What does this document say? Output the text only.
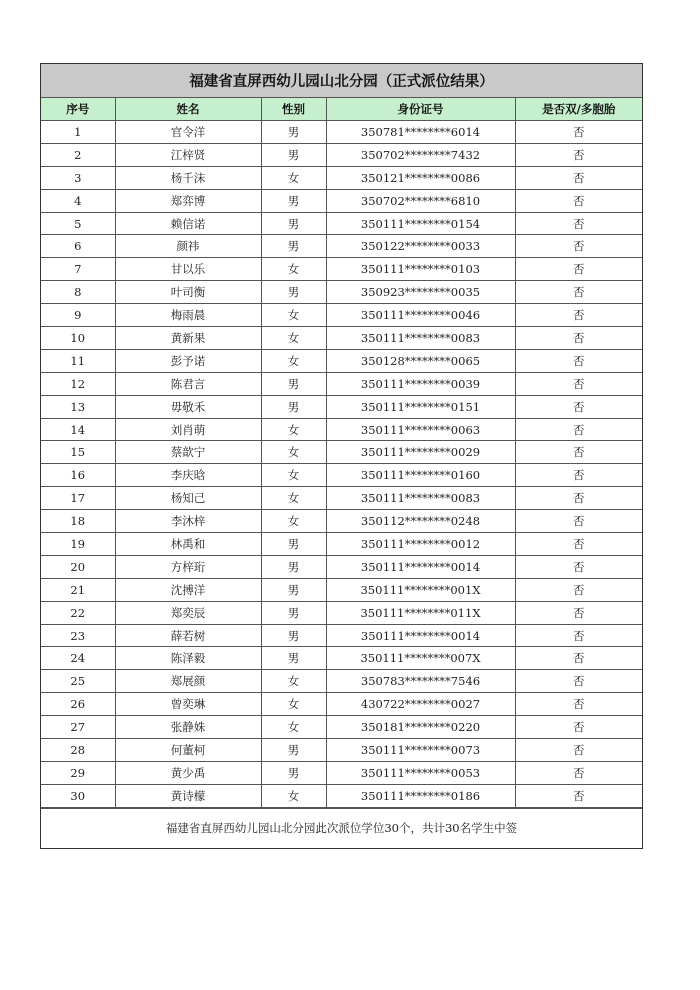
福建省直屏西幼儿园山北分园（正式派位结果）
序号	姓名	性别	身份证号	是否双/多胞胎
1	官令洋	男	350781********6014	否
2	江梓贤	男	350702********7432	否
3	杨千沫	女	350121********0086	否
4	郑弈博	男	350702********6810	否
5	赖信诺	男	350111********0154	否
6	颜祎	男	350122********0033	否
7	甘以乐	女	350111********0103	否
8	叶司衡	男	350923********0035	否
9	梅雨晨	女	350111********0046	否
10	黄新果	女	350111********0083	否
11	彭予诺	女	350128********0065	否
12	陈君言	男	350111********0039	否
13	毋敬禾	男	350111********0151	否
14	刘肖萌	女	350111********0063	否
15	蔡歆宁	女	350111********0029	否
16	李庆晗	女	350111********0160	否
17	杨知己	女	350111********0083	否
18	李沐梓	女	350112********0248	否
19	林禹和	男	350111********0012	否
20	方梓珩	男	350111********0014	否
21	沈搏洋	男	350111********001X	否
22	郑奕辰	男	350111********011X	否
23	薛若树	男	350111********0014	否
24	陈泽毅	男	350111********007X	否
25	郑展颜	女	350783********7546	否
26	曾奕琳	女	430722********0027	否
27	张静姝	女	350181********0220	否
28	何董柯	男	350111********0073	否
29	黄少禹	男	350111********0053	否
30	黄诗檬	女	350111********0186	否
福建省直屏西幼儿园山北分园此次派位学位30个，共计30名学生中签
